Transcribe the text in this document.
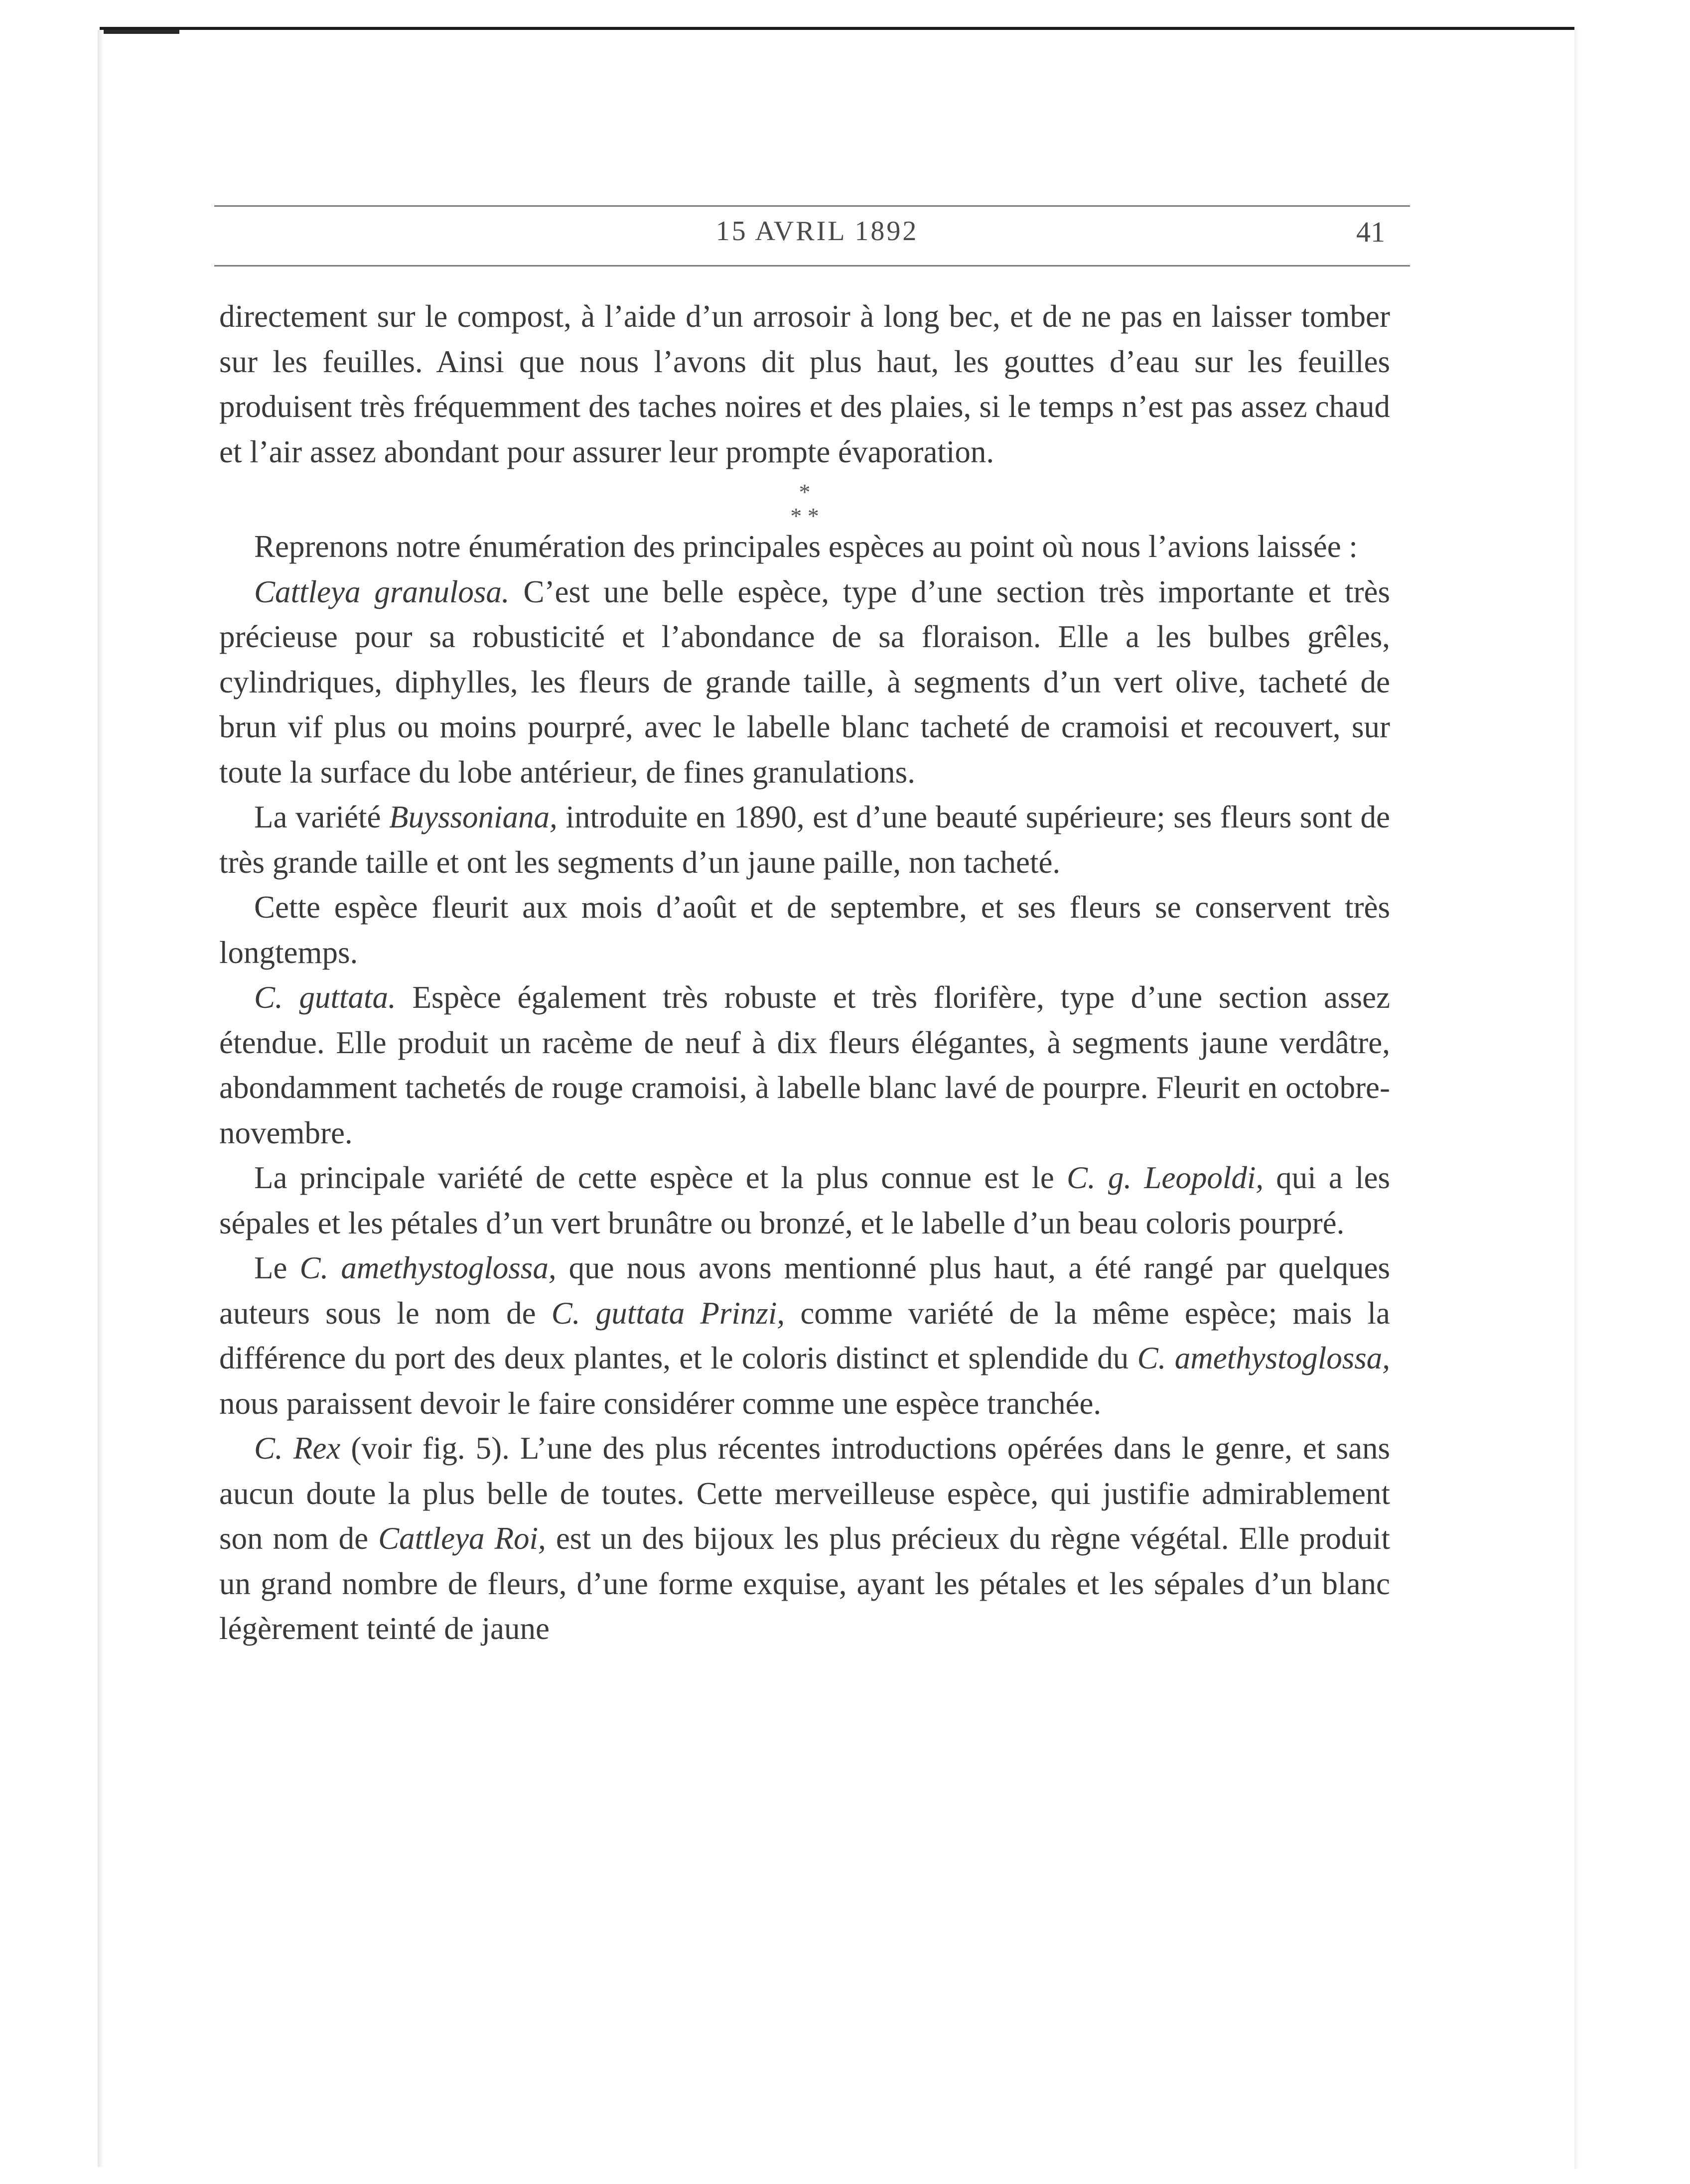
15 AVRIL 1892	41

directement sur le compost, à l’aide d’un arrosoir à long bec, et de ne pas en laisser tomber sur les feuilles. Ainsi que nous l’avons dit plus haut, les gouttes d’eau sur les feuilles produisent très fréquemment des taches noires et des plaies, si le temps n’est pas assez chaud et l’air assez abondant pour assurer leur prompte évaporation.

*
* *

Reprenons notre énumération des principales espèces au point où nous l’avions laissée :

Cattleya granulosa. C’est une belle espèce, type d’une section très importante et très précieuse pour sa robusticité et l’abondance de sa floraison. Elle a les bulbes grêles, cylindriques, diphylles, les fleurs de grande taille, à segments d’un vert olive, tacheté de brun vif plus ou moins pourpré, avec le labelle blanc tacheté de cramoisi et recouvert, sur toute la surface du lobe antérieur, de fines granulations.

La variété Buyssoniana, introduite en 1890, est d’une beauté supérieure; ses fleurs sont de très grande taille et ont les segments d’un jaune paille, non tacheté.

Cette espèce fleurit aux mois d’août et de septembre, et ses fleurs se conservent très longtemps.

C. guttata. Espèce également très robuste et très florifère, type d’une section assez étendue. Elle produit un racème de neuf à dix fleurs élégantes, à segments jaune verdâtre, abondamment tachetés de rouge cramoisi, à labelle blanc lavé de pourpre. Fleurit en octobre-novembre.

La principale variété de cette espèce et la plus connue est le C. g. Leopoldi, qui a les sépales et les pétales d’un vert brunâtre ou bronzé, et le labelle d’un beau coloris pourpré.

Le C. amethystoglossa, que nous avons mentionné plus haut, a été rangé par quelques auteurs sous le nom de C. guttata Prinzi, comme variété de la même espèce; mais la différence du port des deux plantes, et le coloris distinct et splendide du C. amethystoglossa, nous paraissent devoir le faire considérer comme une espèce tranchée.

C. Rex (voir fig. 5). L’une des plus récentes introductions opérées dans le genre, et sans aucun doute la plus belle de toutes. Cette merveilleuse espèce, qui justifie admirablement son nom de Cattleya Roi, est un des bijoux les plus précieux du règne végétal. Elle produit un grand nombre de fleurs, d’une forme exquise, ayant les pétales et les sépales d’un blanc légèrement teinté de jaune
